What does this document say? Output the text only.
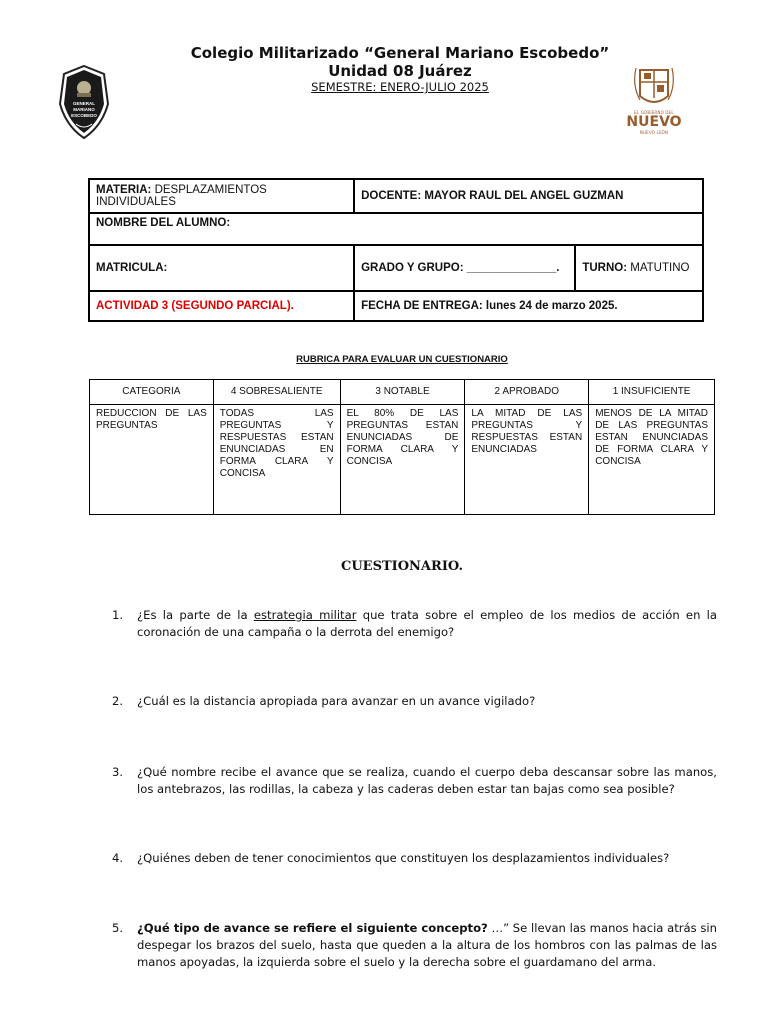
GENERAL
MARIANO
ESCOBEDO
Colegio Militarizado “General Mariano Escobedo”
Unidad 08 Juárez
SEMESTRE: ENERO-JULIO 2025
EL GOBIERNO DEL
NUEVO
NUEVO LEÓN
MATERIA: DESPLAZAMIENTOS INDIVIDUALES	DOCENTE: MAYOR RAUL DEL ANGEL GUZMAN	
NOMBRE DEL ALUMNO:		
MATRICULA:	GRADO Y GRUPO: ______________.	TURNO: MATUTINO
ACTIVIDAD 3 (SEGUNDO PARCIAL).	FECHA DE ENTREGA: lunes 24 de marzo 2025.	
RUBRICA PARA EVALUAR UN CUESTIONARIO
CATEGORIA	4 SOBRESALIENTE	3 NOTABLE	2 APROBADO	1 INSUFICIENTE
REDUCCION DE LAS PREGUNTAS	TODAS LAS PREGUNTAS Y RESPUESTAS ESTAN ENUNCIADAS EN FORMA CLARA Y CONCISA	EL 80% DE LAS PREGUNTAS ESTAN ENUNCIADAS DE FORMA CLARA Y CONCISA	LA MITAD DE LAS PREGUNTAS Y RESPUESTAS ESTAN ENUNCIADAS	MENOS DE LA MITAD DE LAS PREGUNTAS ESTAN ENUNCIADAS DE FORMA CLARA Y CONCISA
CUESTIONARIO.
1.	¿Es la parte de la estrategia militar que trata sobre el empleo de los medios de acción en la coronación de una campaña o la derrota del enemigo?
2.	¿Cuál es la distancia apropiada para avanzar en un avance vigilado?
3.	¿Qué nombre recibe el avance que se realiza, cuando el cuerpo deba descansar sobre las manos, los antebrazos, las rodillas, la cabeza y las caderas deben estar tan bajas como sea posible?
4.	¿Quiénes deben de tener conocimientos que constituyen los desplazamientos individuales?
5.	¿Qué tipo de avance se refiere el siguiente concepto? …” Se llevan las manos hacia atrás sin despegar los brazos del suelo, hasta que queden a la altura de los hombros con las palmas de las manos apoyadas, la izquierda sobre el suelo y la derecha sobre el guardamano del arma.
